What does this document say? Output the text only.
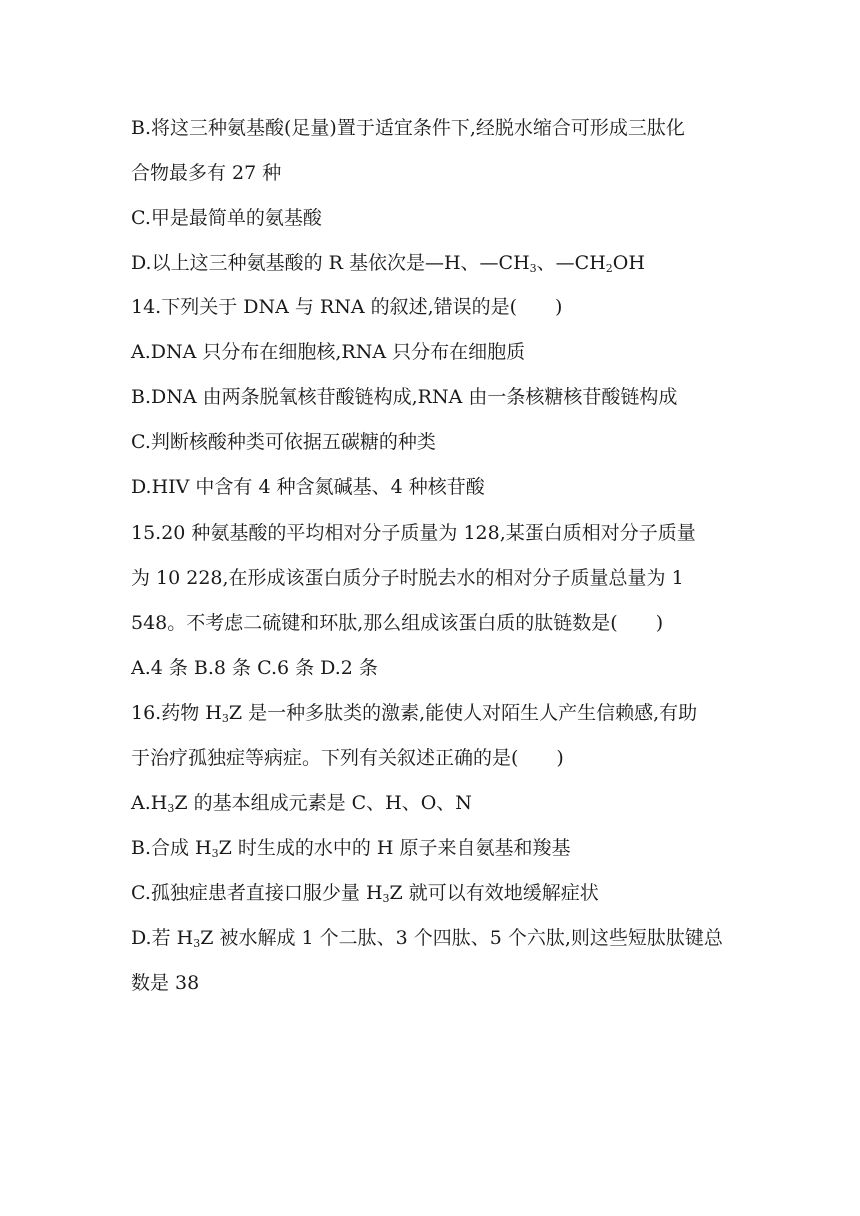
B.将这三种氨基酸(足量)置于适宜条件下,经脱水缩合可形成三肽化
合物最多有 27 种
C.甲是最简单的氨基酸
D.以上这三种氨基酸的 R 基依次是—H、$—CH_3$、$—CH_2OH$
14.下列关于 DNA 与 RNA 的叙述,错误的是(　　)
A.DNA 只分布在细胞核,RNA 只分布在细胞质
B.DNA 由两条脱氧核苷酸链构成,RNA 由一条核糖核苷酸链构成
C.判断核酸种类可依据五碳糖的种类
D.HIV 中含有 4 种含氮碱基、4 种核苷酸
15.20 种氨基酸的平均相对分子质量为 128,某蛋白质相对分子质量
为 10 228,在形成该蛋白质分子时脱去水的相对分子质量总量为 1
548。不考虑二硫键和环肽,那么组成该蛋白质的肽链数是(　　)
A.4 条 B.8 条 C.6 条 D.2 条
16.药物 $H_3Z$ 是一种多肽类的激素,能使人对陌生人产生信赖感,有助
于治疗孤独症等病症。下列有关叙述正确的是(　　)
$A.H_3Z$ 的基本组成元素是 C、H、O、N
B.合成 $H_3Z$ 时生成的水中的 H 原子来自氨基和羧基
C.孤独症患者直接口服少量 $H_3Z$ 就可以有效地缓解症状
D.若 $H_3Z$ 被水解成 1 个二肽、3 个四肽、5 个六肽,则这些短肽肽键总
数是 38
